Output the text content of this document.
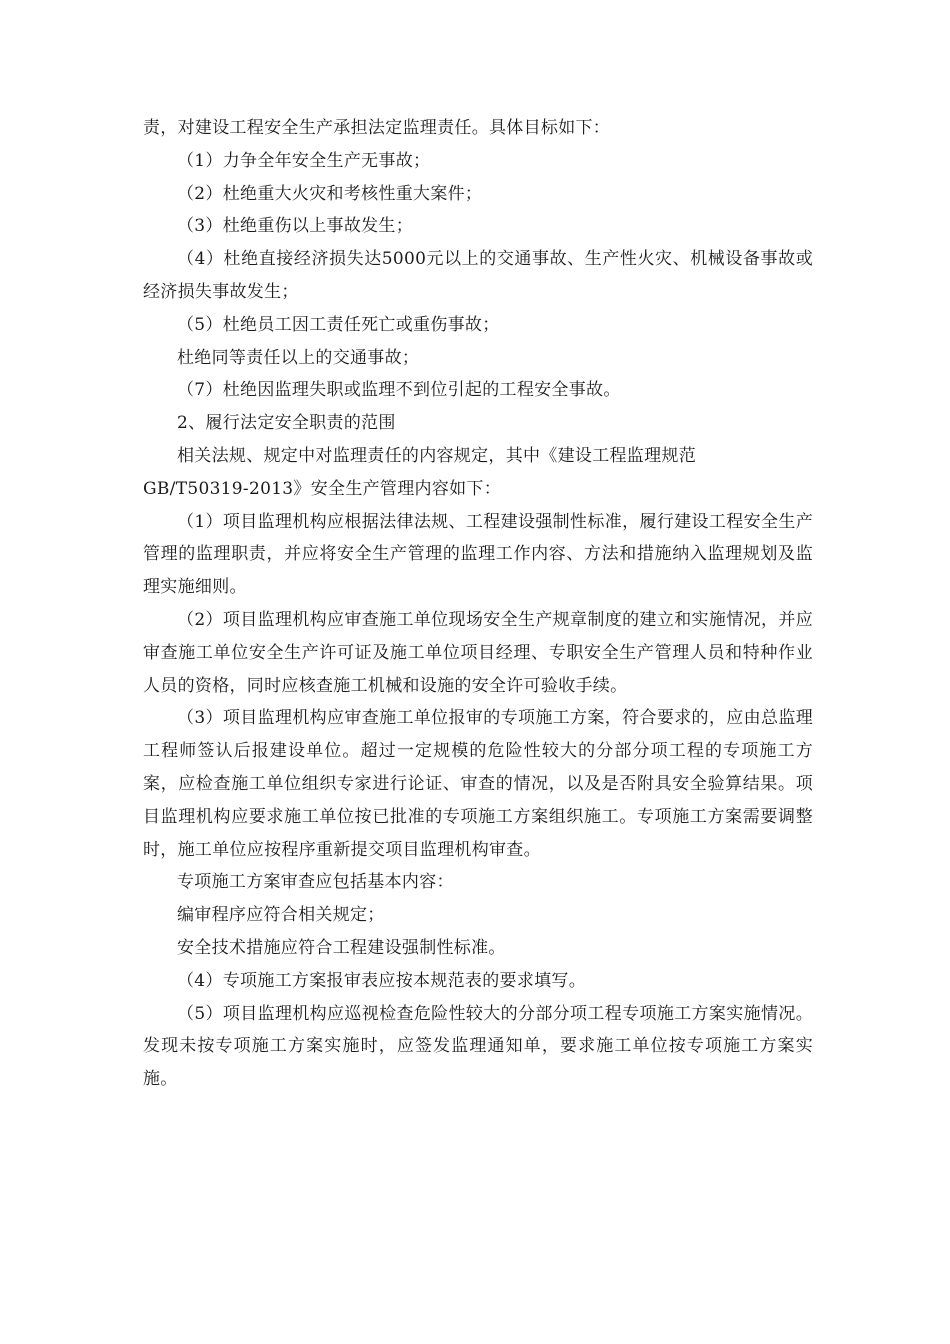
责，对建设工程安全生产承担法定监理责任。具体目标如下：

（1）力争全年安全生产无事故；

（2）杜绝重大火灾和考核性重大案件；

（3）杜绝重伤以上事故发生；

（4）杜绝直接经济损失达5000元以上的交通事故、生产性火灾、机械设备事故或经济损失事故发生；

（5）杜绝员工因工责任死亡或重伤事故；

杜绝同等责任以上的交通事故；

（7）杜绝因监理失职或监理不到位引起的工程安全事故。

2、履行法定安全职责的范围

相关法规、规定中对监理责任的内容规定，其中《建设工程监理规范

GB/T50319-2013》安全生产管理内容如下：

（1）项目监理机构应根据法律法规、工程建设强制性标准，履行建设工程安全生产管理的监理职责，并应将安全生产管理的监理工作内容、方法和措施纳入监理规划及监理实施细则。

（2）项目监理机构应审查施工单位现场安全生产规章制度的建立和实施情况，并应审查施工单位安全生产许可证及施工单位项目经理、专职安全生产管理人员和特种作业人员的资格，同时应核查施工机械和设施的安全许可验收手续。

（3）项目监理机构应审查施工单位报审的专项施工方案，符合要求的，应由总监理工程师签认后报建设单位。超过一定规模的危险性较大的分部分项工程的专项施工方案，应检查施工单位组织专家进行论证、审查的情况，以及是否附具安全验算结果。项目监理机构应要求施工单位按已批准的专项施工方案组织施工。专项施工方案需要调整时，施工单位应按程序重新提交项目监理机构审查。

专项施工方案审查应包括基本内容：

编审程序应符合相关规定；

安全技术措施应符合工程建设强制性标准。

（4）专项施工方案报审表应按本规范表的要求填写。

（5）项目监理机构应巡视检查危险性较大的分部分项工程专项施工方案实施情况。发现未按专项施工方案实施时，应签发监理通知单，要求施工单位按专项施工方案实施。
